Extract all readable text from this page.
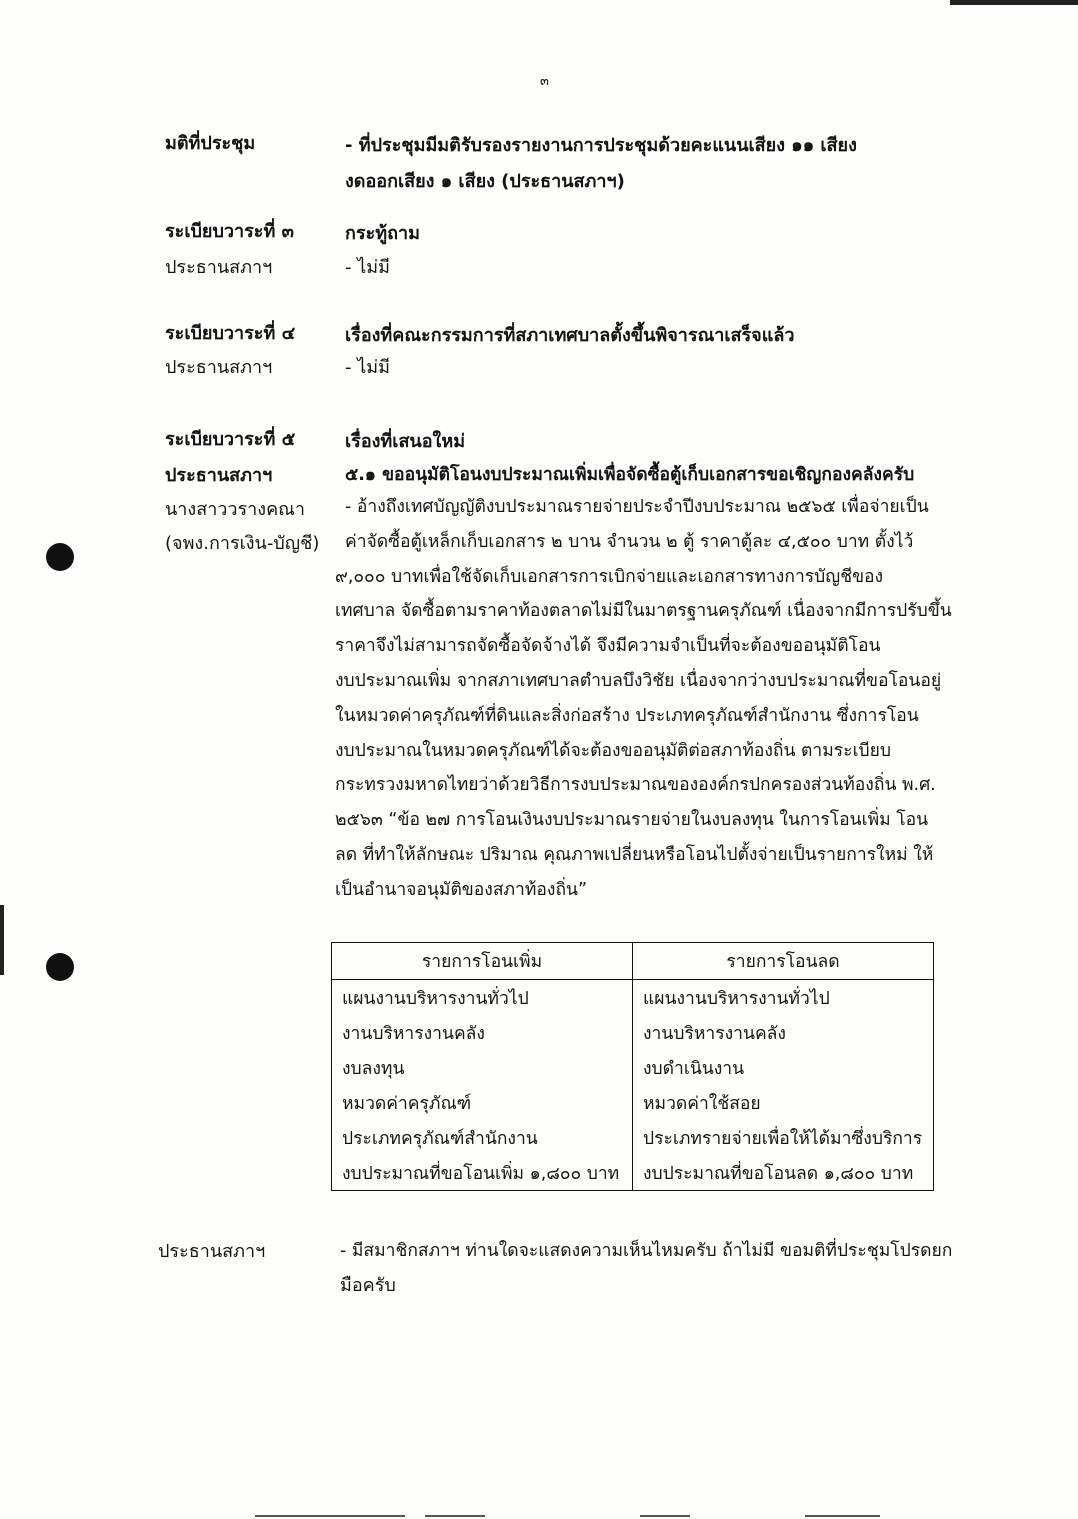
๓
มติที่ประชุม	- ที่ประชุมมีมติรับรองรายงานการประชุมด้วยคะแนนเสียง ๑๑ เสียง
งดออกเสียง ๑ เสียง (ประธานสภาฯ)
ระเบียบวาระที่ ๓	กระทู้ถาม
ประธานสภาฯ	- ไม่มี
ระเบียบวาระที่ ๔	เรื่องที่คณะกรรมการที่สภาเทศบาลตั้งขึ้นพิจารณาเสร็จแล้ว
ประธานสภาฯ	- ไม่มี
ระเบียบวาระที่ ๕	เรื่องที่เสนอใหม่
ประธานสภาฯ	๕.๑ ขออนุมัติโอนงบประมาณเพิ่มเพื่อจัดซื้อตู้เก็บเอกสารขอเชิญกองคลังครับ
นางสาววรางคณา
(จพง.การเงิน-บัญชี)
- อ้างถึงเทศบัญญัติงบประมาณรายจ่ายประจำปีงบประมาณ ๒๕๖๕ เพื่อจ่ายเป็น
ค่าจัดซื้อตู้เหล็กเก็บเอกสาร ๒ บาน จำนวน ๒ ตู้ ราคาตู้ละ ๔,๕๐๐ บาท ตั้งไว้
๙,๐๐๐ บาทเพื่อใช้จัดเก็บเอกสารการเบิกจ่ายและเอกสารทางการบัญชีของ
เทศบาล จัดซื้อตามราคาท้องตลาดไม่มีในมาตรฐานครุภัณฑ์ เนื่องจากมีการปรับขึ้น
ราคาจึงไม่สามารถจัดซื้อจัดจ้างได้ จึงมีความจำเป็นที่จะต้องขออนุมัติโอน
งบประมาณเพิ่ม จากสภาเทศบาลตำบลบึงวิชัย เนื่องจากว่างบประมาณที่ขอโอนอยู่
ในหมวดค่าครุภัณฑ์ที่ดินและสิ่งก่อสร้าง ประเภทครุภัณฑ์สำนักงาน ซึ่งการโอน
งบประมาณในหมวดครุภัณฑ์ได้จะต้องขออนุมัติต่อสภาท้องถิ่น ตามระเบียบ
กระทรวงมหาดไทยว่าด้วยวิธีการงบประมาณขององค์กรปกครองส่วนท้องถิ่น พ.ศ.
๒๕๖๓ “ข้อ ๒๗ การโอนเงินงบประมาณรายจ่ายในงบลงทุน ในการโอนเพิ่ม โอน
ลด ที่ทำให้ลักษณะ ปริมาณ คุณภาพเปลี่ยนหรือโอนไปตั้งจ่ายเป็นรายการใหม่ ให้
เป็นอำนาจอนุมัติของสภาท้องถิ่น”
รายการโอนเพิ่ม	รายการโอนลด
แผนงานบริหารงานทั่วไป	แผนงานบริหารงานทั่วไป
งานบริหารงานคลัง	งานบริหารงานคลัง
งบลงทุน	งบดำเนินงาน
หมวดค่าครุภัณฑ์	หมวดค่าใช้สอย
ประเภทครุภัณฑ์สำนักงาน	ประเภทรายจ่ายเพื่อให้ได้มาซึ่งบริการ
งบประมาณที่ขอโอนเพิ่ม ๑,๘๐๐ บาท	งบประมาณที่ขอโอนลด ๑,๘๐๐ บาท
ประธานสภาฯ	- มีสมาชิกสภาฯ ท่านใดจะแสดงความเห็นไหมครับ ถ้าไม่มี ขอมติที่ประชุมโปรดยก
มือครับ
